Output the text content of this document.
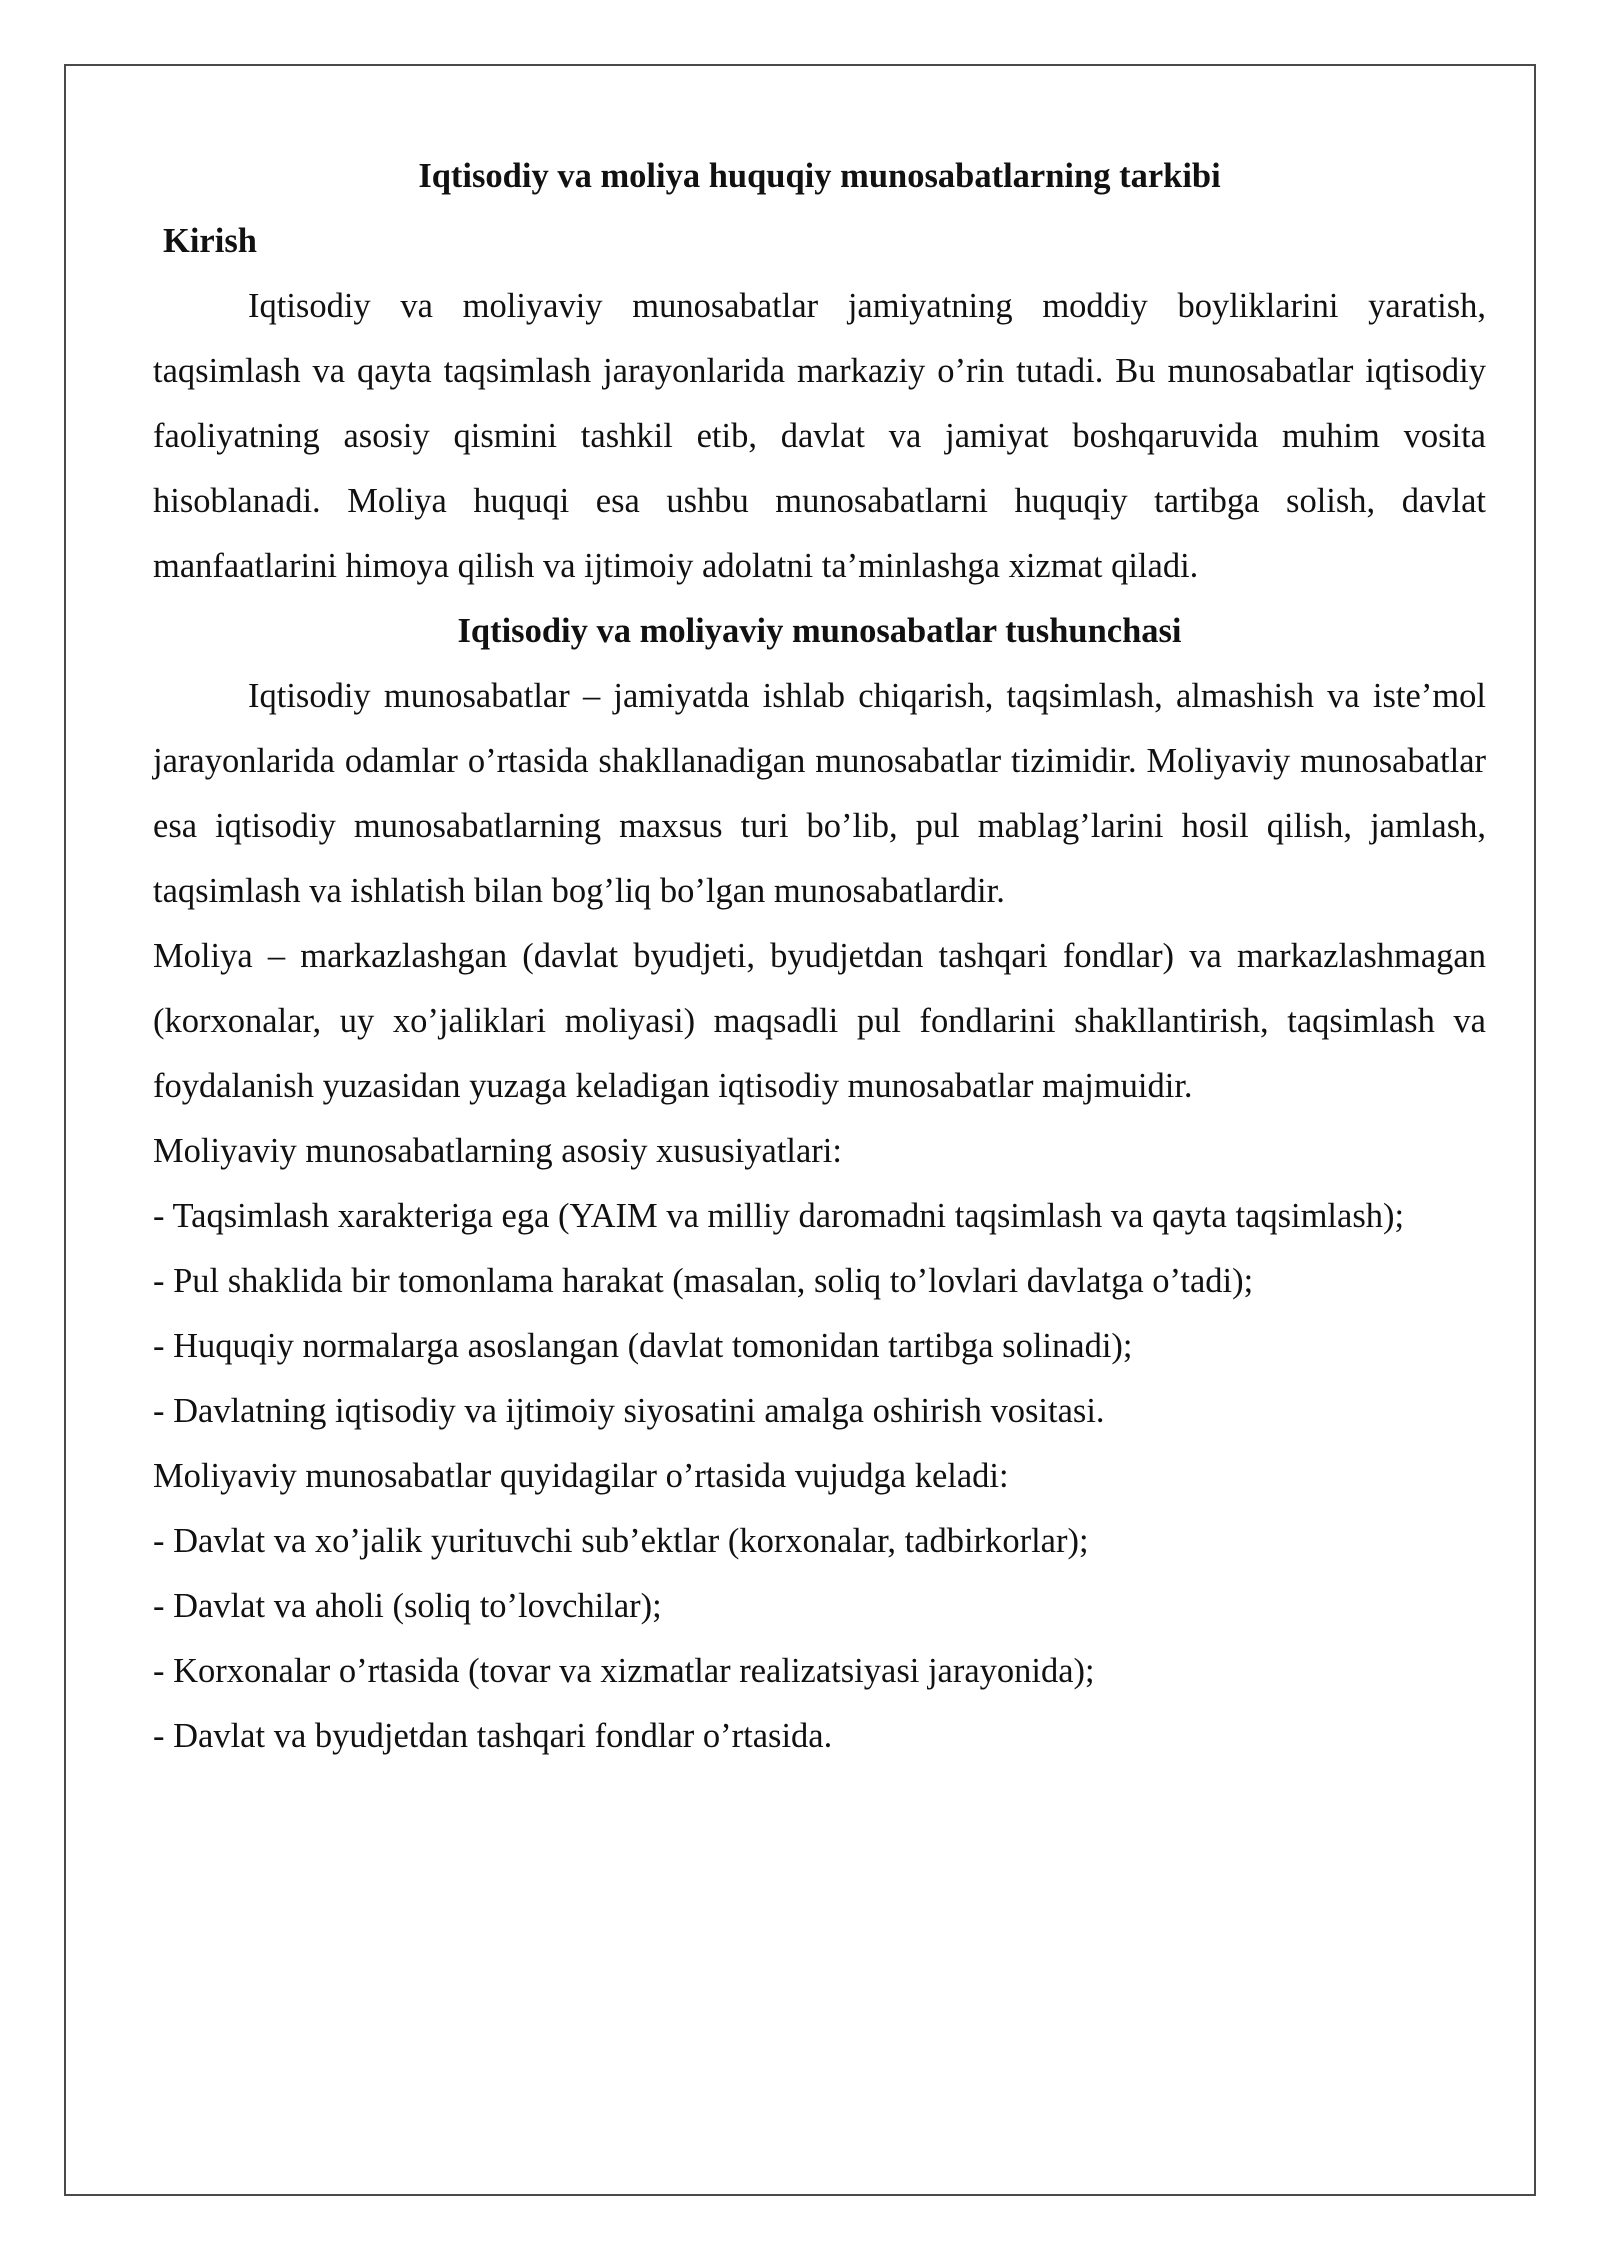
Iqtisodiy va moliya huquqiy munosabatlarning tarkibi

Kirish

Iqtisodiy va moliyaviy munosabatlar jamiyatning moddiy boyliklarini yaratish, taqsimlash va qayta taqsimlash jarayonlarida markaziy o’rin tutadi. Bu munosabatlar iqtisodiy faoliyatning asosiy qismini tashkil etib, davlat va jamiyat boshqaruvida muhim vosita hisoblanadi. Moliya huquqi esa ushbu munosabatlarni huquqiy tartibga solish, davlat manfaatlarini himoya qilish va ijtimoiy adolatni ta’minlashga xizmat qiladi.

Iqtisodiy va moliyaviy munosabatlar tushunchasi

Iqtisodiy munosabatlar – jamiyatda ishlab chiqarish, taqsimlash, almashish va iste’mol jarayonlarida odamlar o’rtasida shakllanadigan munosabatlar tizimidir. Moliyaviy munosabatlar esa iqtisodiy munosabatlarning maxsus turi bo’lib, pul mablag’larini hosil qilish, jamlash, taqsimlash va ishlatish bilan bog’liq bo’lgan munosabatlardir.

Moliya – markazlashgan (davlat byudjeti, byudjetdan tashqari fondlar) va markazlashmagan (korxonalar, uy xo’jaliklari moliyasi) maqsadli pul fondlarini shakllantirish, taqsimlash va foydalanish yuzasidan yuzaga keladigan iqtisodiy munosabatlar majmuidir.

Moliyaviy munosabatlarning asosiy xususiyatlari:

- Taqsimlash xarakteriga ega (YAIM va milliy daromadni taqsimlash va qayta taqsimlash);

- Pul shaklida bir tomonlama harakat (masalan, soliq to’lovlari davlatga o’tadi);

- Huquqiy normalarga asoslangan (davlat tomonidan tartibga solinadi);

- Davlatning iqtisodiy va ijtimoiy siyosatini amalga oshirish vositasi.

Moliyaviy munosabatlar quyidagilar o’rtasida vujudga keladi:

- Davlat va xo’jalik yurituvchi sub’ektlar (korxonalar, tadbirkorlar);

- Davlat va aholi (soliq to’lovchilar);

- Korxonalar o’rtasida (tovar va xizmatlar realizatsiyasi jarayonida);

- Davlat va byudjetdan tashqari fondlar o’rtasida.
